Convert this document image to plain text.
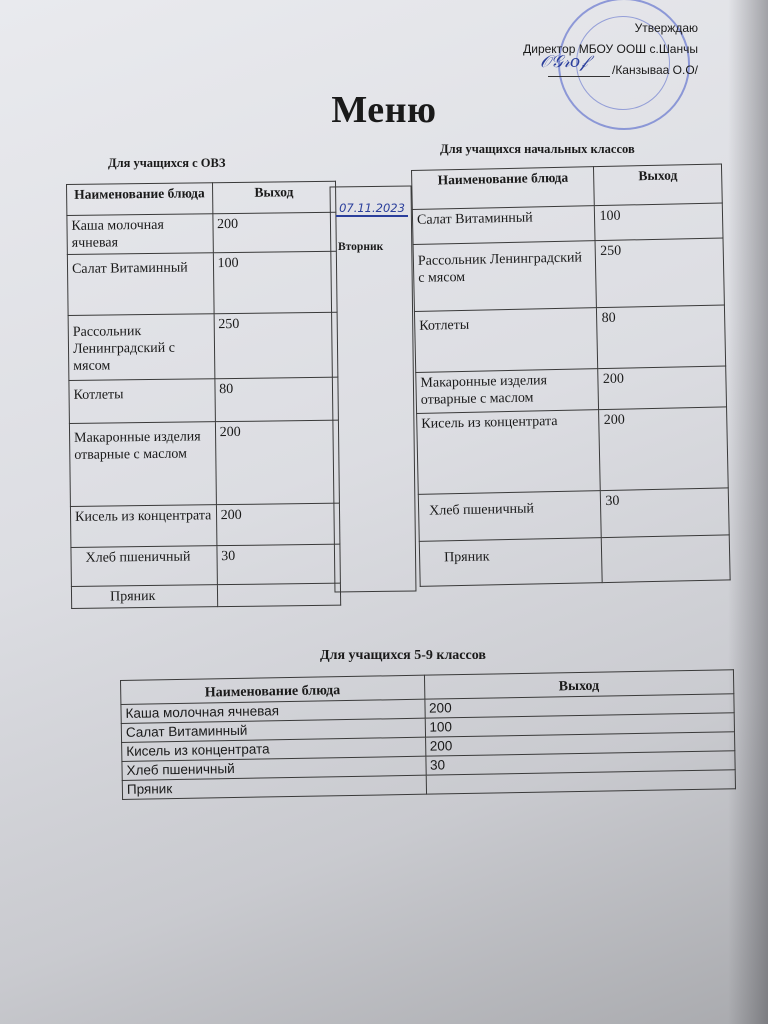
Утверждаю
Директор МБОУ ООШ с.Шанчы
/Канзываа О.О/
𝒪𝒢𝓇𝑜𝒻
Меню
Для учащихся с ОВЗ
Для учащихся начальных классов
Наименование блюда	Выход
Каша молочная ячневая	200
Салат Витаминный	100
Рассольник Ленинградский с мясом	250
Котлеты	80
Макаронные изделия отварные с маслом	200
Кисель из концентрата	200
Хлеб пшеничный	30
Пряник	
07.11.2023
Вторник
Наименование блюда	Выход
Салат Витаминный	100
Рассольник Ленинградский с мясом	250
Котлеты	80
Макаронные изделия отварные с маслом	200
Кисель из концентрата	200
Хлеб пшеничный	30
Пряник	
Для учащихся 5-9 классов
Наименование блюда	Выход
Каша молочная ячневая	200
Салат Витаминный	100
Кисель из концентрата	200
Хлеб пшеничный	30
Пряник	
